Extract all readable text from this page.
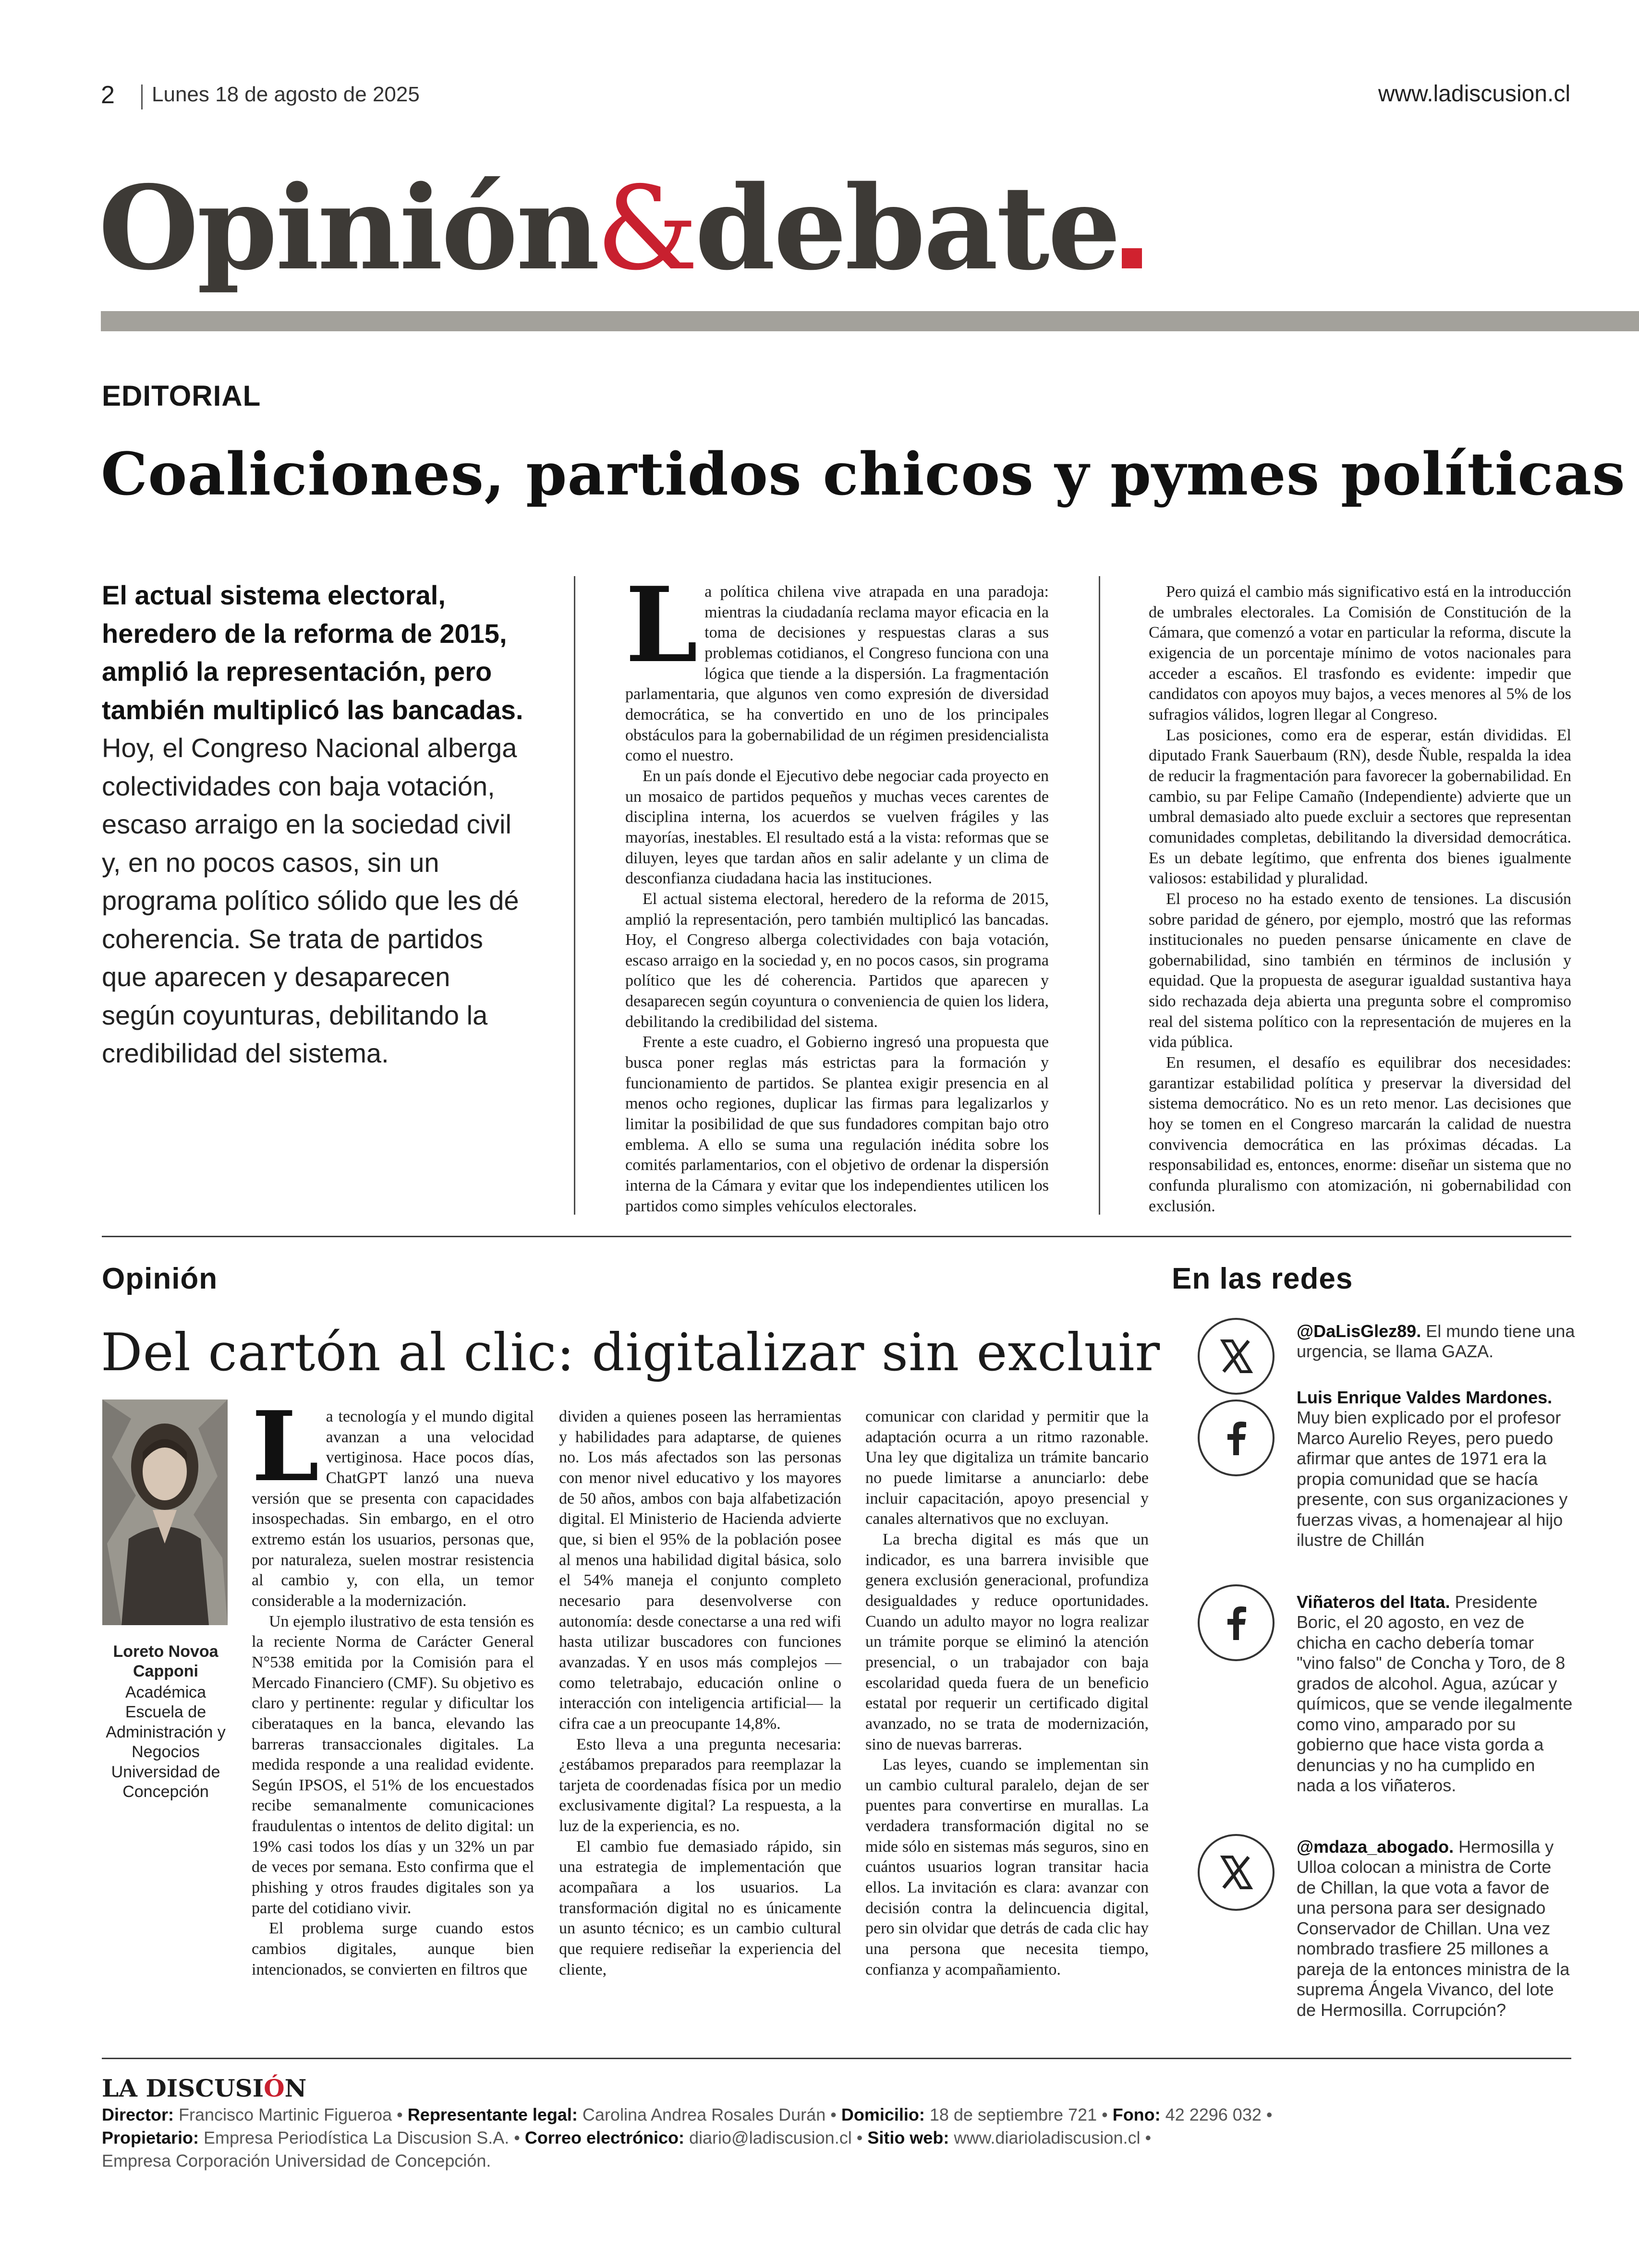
2 Lunes 18 de agosto de 2025	www.ladiscusion.cl
Opinión&debate
EDITORIAL
Coaliciones, partidos chicos y pymes políticas
El actual sistema electoral, heredero de la reforma de 2015, amplió la representación, pero también multiplicó las bancadas. Hoy, el Congreso Nacional alberga colectividades con baja votación, escaso arraigo en la sociedad civil y, en no pocos casos, sin un programa político sólido que les dé coherencia. Se trata de partidos que aparecen y desaparecen según coyunturas, debilitando la credibilidad del sistema.

La política chilena vive atrapada en una paradoja: mientras la ciudadanía reclama mayor eficacia en la toma de decisiones y respuestas claras a sus problemas cotidianos, el Congreso funciona con una lógica que tiende a la dispersión. La fragmentación parlamentaria, que algunos ven como expresión de diversidad democrática, se ha convertido en uno de los principales obstáculos para la gobernabilidad de un régimen presidencialista como el nuestro.

En un país donde el Ejecutivo debe negociar cada proyecto en un mosaico de partidos pequeños y muchas veces carentes de disciplina interna, los acuerdos se vuelven frágiles y las mayorías, inestables. El resultado está a la vista: reformas que se diluyen, leyes que tardan años en salir adelante y un clima de desconfianza ciudadana hacia las instituciones.

El actual sistema electoral, heredero de la reforma de 2015, amplió la representación, pero también multiplicó las bancadas. Hoy, el Congreso alberga colectividades con baja votación, escaso arraigo en la sociedad y, en no pocos casos, sin programa político que les dé coherencia. Partidos que aparecen y desaparecen según coyuntura o conveniencia de quien los lidera, debilitando la credibilidad del sistema.

Frente a este cuadro, el Gobierno ingresó una propuesta que busca poner reglas más estrictas para la formación y funcionamiento de partidos. Se plantea exigir presencia en al menos ocho regiones, duplicar las firmas para legalizarlos y limitar la posibilidad de que sus fundadores compitan bajo otro emblema. A ello se suma una regulación inédita sobre los comités parlamentarios, con el objetivo de ordenar la dispersión interna de la Cámara y evitar que los independientes utilicen los partidos como simples vehículos electorales.

Pero quizá el cambio más significativo está en la introducción de umbrales electorales. La Comisión de Constitución de la Cámara, que comenzó a votar en particular la reforma, discute la exigencia de un porcentaje mínimo de votos nacionales para acceder a escaños. El trasfondo es evidente: impedir que candidatos con apoyos muy bajos, a veces menores al 5% de los sufragios válidos, logren llegar al Congreso.

Las posiciones, como era de esperar, están divididas. El diputado Frank Sauerbaum (RN), desde Ñuble, respalda la idea de reducir la fragmentación para favorecer la gobernabilidad. En cambio, su par Felipe Camaño (Independiente) advierte que un umbral demasiado alto puede excluir a sectores que representan comunidades completas, debilitando la diversidad democrática. Es un debate legítimo, que enfrenta dos bienes igualmente valiosos: estabilidad y pluralidad.

El proceso no ha estado exento de tensiones. La discusión sobre paridad de género, por ejemplo, mostró que las reformas institucionales no pueden pensarse únicamente en clave de gobernabilidad, sino también en términos de inclusión y equidad. Que la propuesta de asegurar igualdad sustantiva haya sido rechazada deja abierta una pregunta sobre el compromiso real del sistema político con la representación de mujeres en la vida pública.

En resumen, el desafío es equilibrar dos necesidades: garantizar estabilidad política y preservar la diversidad del sistema democrático. No es un reto menor. Las decisiones que hoy se tomen en el Congreso marcarán la calidad de nuestra convivencia democrática en las próximas décadas. La responsabilidad es, entonces, enorme: diseñar un sistema que no confunda pluralismo con atomización, ni gobernabilidad con exclusión.

Opinión
Del cartón al clic: digitalizar sin excluir
Loreto Novoa Capponi
Académica Escuela de Administración y Negocios Universidad de Concepción

La tecnología y el mundo digital avanzan a una velocidad vertiginosa. Hace pocos días, ChatGPT lanzó una nueva versión que se presenta con capacidades insospechadas. Sin embargo, en el otro extremo están los usuarios, personas que, por naturaleza, suelen mostrar resistencia al cambio y, con ella, un temor considerable a la modernización.

Un ejemplo ilustrativo de esta tensión es la reciente Norma de Carácter General N°538 emitida por la Comisión para el Mercado Financiero (CMF). Su objetivo es claro y pertinente: regular y dificultar los ciberataques en la banca, elevando las barreras transaccionales digitales. La medida responde a una realidad evidente. Según IPSOS, el 51% de los encuestados recibe semanalmente comunicaciones fraudulentas o intentos de delito digital: un 19% casi todos los días y un 32% un par de veces por semana. Esto confirma que el phishing y otros fraudes digitales son ya parte del cotidiano vivir.

El problema surge cuando estos cambios digitales, aunque bien intencionados, se convierten en filtros que

dividen a quienes poseen las herramientas y habilidades para adaptarse, de quienes no. Los más afectados son las personas con menor nivel educativo y los mayores de 50 años, ambos con baja alfabetización digital. El Ministerio de Hacienda advierte que, si bien el 95% de la población posee al menos una habilidad digital básica, solo el 54% maneja el conjunto completo necesario para desenvolverse con autonomía: desde conectarse a una red wifi hasta utilizar buscadores con funciones avanzadas. Y en usos más complejos —como teletrabajo, educación online o interacción con inteligencia artificial— la cifra cae a un preocupante 14,8%.

Esto lleva a una pregunta necesaria: ¿estábamos preparados para reemplazar la tarjeta de coordenadas física por un medio exclusivamente digital? La respuesta, a la luz de la experiencia, es no.

El cambio fue demasiado rápido, sin una estrategia de implementación que acompañara a los usuarios. La transformación digital no es únicamente un asunto técnico; es un cambio cultural que requiere rediseñar la experiencia del cliente,

comunicar con claridad y permitir que la adaptación ocurra a un ritmo razonable. Una ley que digitaliza un trámite bancario no puede limitarse a anunciarlo: debe incluir capacitación, apoyo presencial y canales alternativos que no excluyan.

La brecha digital es más que un indicador, es una barrera invisible que genera exclusión generacional, profundiza desigualdades y reduce oportunidades. Cuando un adulto mayor no logra realizar un trámite porque se eliminó la atención presencial, o un trabajador con baja escolaridad queda fuera de un beneficio estatal por requerir un certificado digital avanzado, no se trata de modernización, sino de nuevas barreras.

Las leyes, cuando se implementan sin un cambio cultural paralelo, dejan de ser puentes para convertirse en murallas. La verdadera transformación digital no se mide sólo en sistemas más seguros, sino en cuántos usuarios logran transitar hacia ellos. La invitación es clara: avanzar con decisión contra la delincuencia digital, pero sin olvidar que detrás de cada clic hay una persona que necesita tiempo, confianza y acompañamiento.

En las redes
@DaLisGlez89. El mundo tiene una urgencia, se llama GAZA.
Luis Enrique Valdes Mardones. Muy bien explicado por el profesor Marco Aurelio Reyes, pero puedo afirmar que antes de 1971 era la propia comunidad que se hacía presente, con sus organizaciones y fuerzas vivas, a homenajear al hijo ilustre de Chillán
Viñateros del Itata. Presidente Boric, el 20 agosto, en vez de chicha en cacho debería tomar "vino falso" de Concha y Toro, de 8 grados de alcohol. Agua, azúcar y químicos, que se vende ilegalmente como vino, amparado por su gobierno que hace vista gorda a denuncias y no ha cumplido en nada a los viñateros.
@mdaza_abogado. Hermosilla y Ulloa colocan a ministra de Corte de Chillan, la que vota a favor de una persona para ser designado Conservador de Chillan. Una vez nombrado trasfiere 25 millones a pareja de la entonces ministra de la suprema Ángela Vivanco, del lote de Hermosilla. Corrupción?
LA DISCUSIÓN
Director: Francisco Martinic Figueroa • Representante legal: Carolina Andrea Rosales Durán • Domicilio: 18 de septiembre 721 • Fono: 42 2296 032 •
Propietario: Empresa Periodística La Discusion S.A. • Correo electrónico: diario@ladiscusion.cl • Sitio web: www.diarioladiscusion.cl •
Empresa Corporación Universidad de Concepción.
